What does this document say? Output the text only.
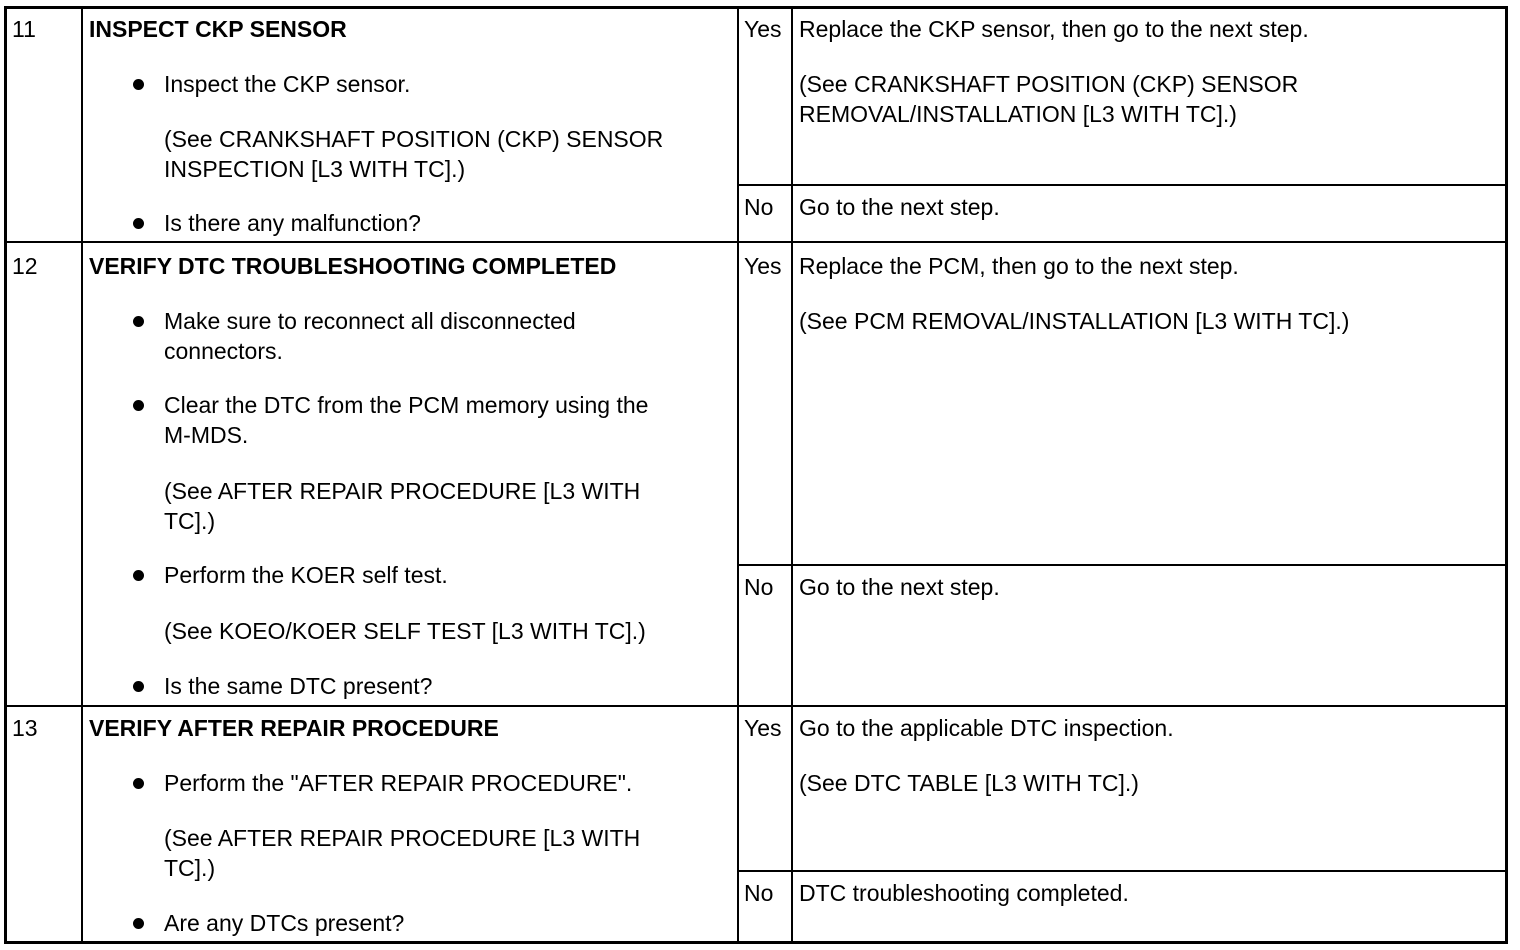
11 INSPECT CKP SENSOR
Inspect the CKP sensor.
(See CRANKSHAFT POSITION (CKP) SENSOR
INSPECTION [L3 WITH TC].)
Is there any malfunction?
Yes Replace the CKP sensor, then go to the next step.
(See CRANKSHAFT POSITION (CKP) SENSOR
REMOVAL/INSTALLATION [L3 WITH TC].)
No Go to the next step.
12 VERIFY DTC TROUBLESHOOTING COMPLETED
Make sure to reconnect all disconnected
connectors.
Clear the DTC from the PCM memory using the
M-MDS.
(See AFTER REPAIR PROCEDURE [L3 WITH
TC].)
Perform the KOER self test.
(See KOEO/KOER SELF TEST [L3 WITH TC].)
Is the same DTC present?
Yes Replace the PCM, then go to the next step.
(See PCM REMOVAL/INSTALLATION [L3 WITH TC].)
No Go to the next step.
13 VERIFY AFTER REPAIR PROCEDURE
Perform the "AFTER REPAIR PROCEDURE".
(See AFTER REPAIR PROCEDURE [L3 WITH
TC].)
Are any DTCs present?
Yes Go to the applicable DTC inspection.
(See DTC TABLE [L3 WITH TC].)
No DTC troubleshooting completed.
